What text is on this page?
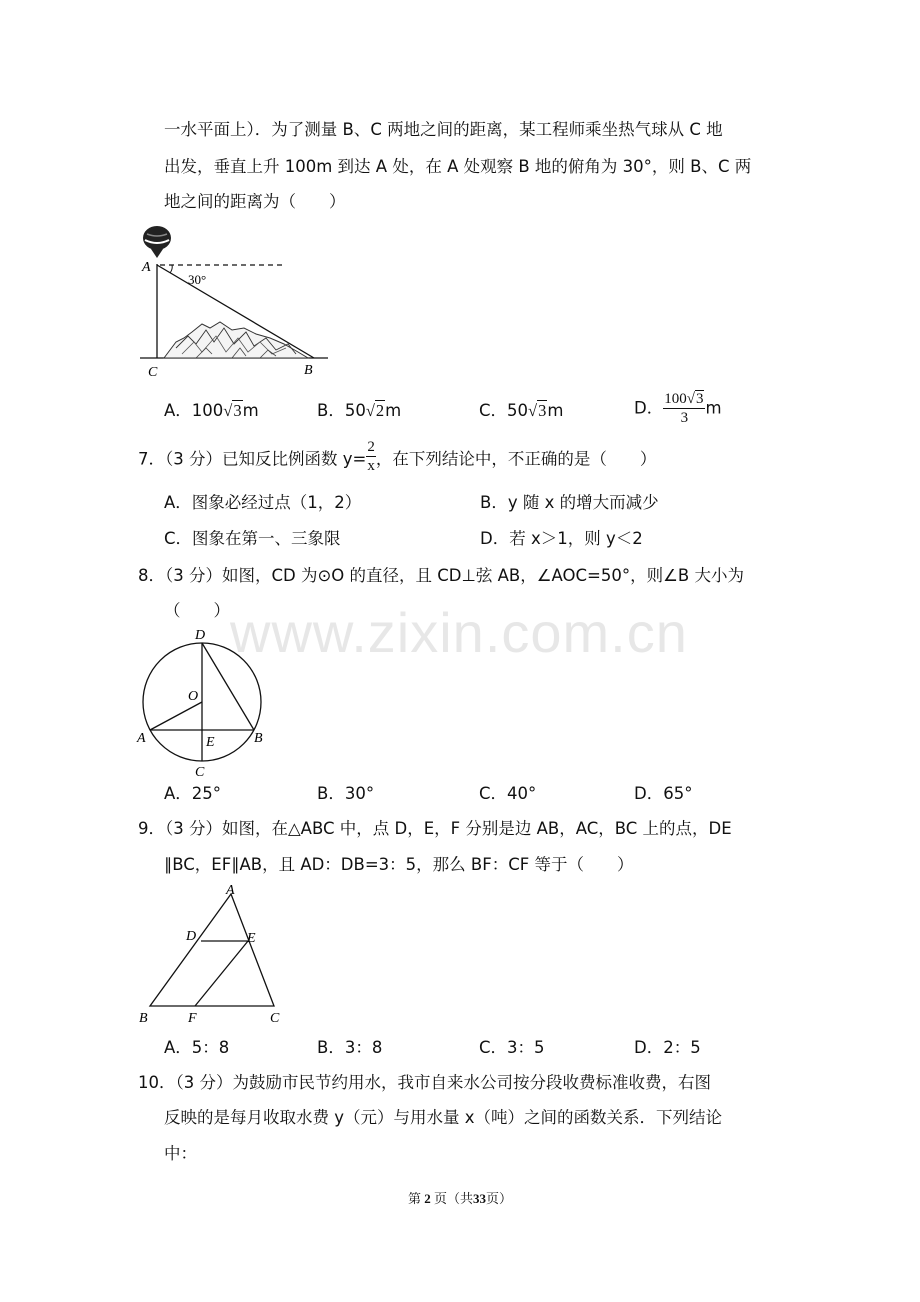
一水平面上）．为了测量 B、C 两地之间的距离，某工程师乘坐热气球从 C 地
出发，垂直上升 100m 到达 A 处，在 A 处观察 B 地的俯角为 30°，则 B、C 两
地之间的距离为（　　）
A
C	B
30°
A．100√3m	B．50√2m	C．50√3m	D． $\frac{100√3}{3}$ m
7．（3 分）已知反比例函数 $y= \frac{2}{x}$ ，在下列结论中，不正确的是（　　）
A．图象必经过点（1，2）	B．y 随 x 的增大而减少
C．图象在第一、三象限	D．若 x＞1，则 y＜2
8．（3 分）如图，CD 为⊙O 的直径，且 CD⊥弦 AB，∠AOC=50°，则∠B 大小为
（　　）
D
O
A	E	B
C
A．25°	B．30°	C．40°	D．65°
9．（3 分）如图，在△ABC 中，点 D，E，F 分别是边 AB，AC，BC 上的点，DE
∥BC，EF∥AB，且 AD：DB=3：5，那么 BF：CF 等于（　　）
A
D	E
B	F	C
A．5：8	B．3：8	C．3：5	D．2：5
10．（3 分）为鼓励市民节约用水，我市自来水公司按分段收费标准收费，右图
反映的是每月收取水费 y（元）与用水量 x（吨）之间的函数关系．下列结论
中：
www.zixin.com.cn
第 2 页（共33页）
